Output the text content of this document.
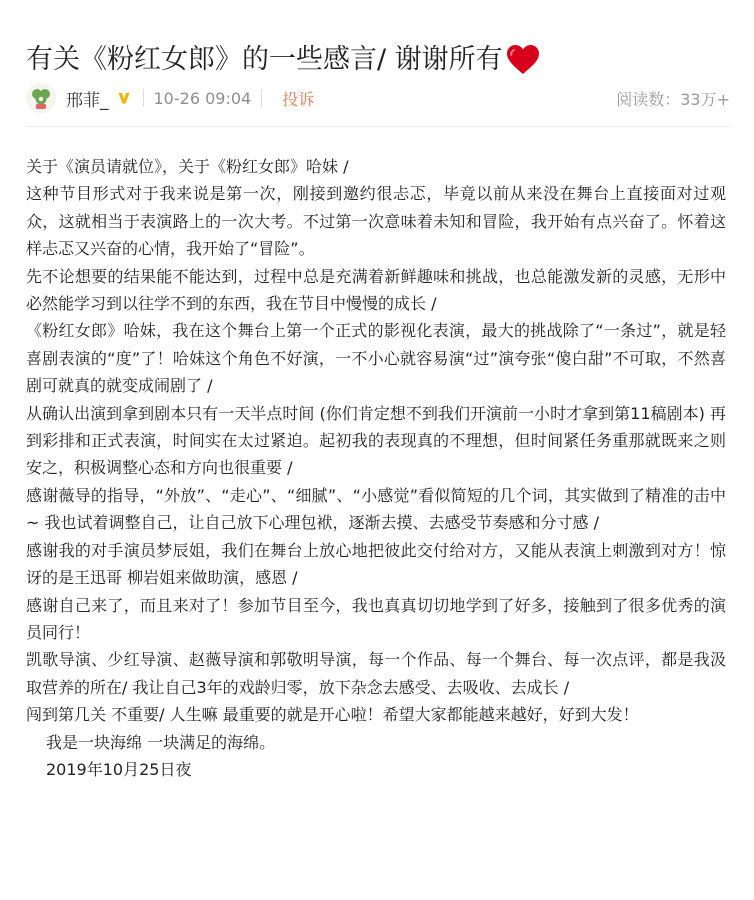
有关《粉红女郎》的一些感言/ 谢谢所有
邢菲_	10-26 09:04 投诉	阅读数：33万+

关于《演员请就位》，关于《粉红女郎》哈妹 /

这种节目形式对于我来说是第一次，刚接到邀约很忐忑，毕竟以前从来没在舞台上直接面对过观众，这就相当于表演路上的一次大考。不过第一次意味着未知和冒险，我开始有点兴奋了。怀着这样忐忑又兴奋的心情，我开始了“冒险”。

先不论想要的结果能不能达到，过程中总是充满着新鲜趣味和挑战，也总能激发新的灵感，无形中必然能学习到以往学不到的东西，我在节目中慢慢的成长 /

《粉红女郎》哈妹，我在这个舞台上第一个正式的影视化表演，最大的挑战除了“一条过”，就是轻喜剧表演的“度”了！哈妹这个角色不好演，一不小心就容易演“过”演夸张“傻白甜”不可取，不然喜剧可就真的就变成闹剧了 /

从确认出演到拿到剧本只有一天半点时间 (你们肯定想不到我们开演前一小时才拿到第11稿剧本) 再到彩排和正式表演，时间实在太过紧迫。起初我的表现真的不理想，但时间紧任务重那就既来之则安之，积极调整心态和方向也很重要 /

感谢薇导的指导，“外放”、“走心”、“细腻”、“小感觉”看似简短的几个词，其实做到了精准的击中~ 我也试着调整自己，让自己放下心理包袱，逐渐去摸、去感受节奏感和分寸感 /

感谢我的对手演员梦辰姐，我们在舞台上放心地把彼此交付给对方，又能从表演上刺激到对方！惊讶的是王迅哥 柳岩姐来做助演，感恩 /

感谢自己来了，而且来对了！参加节目至今，我也真真切切地学到了好多，接触到了很多优秀的演员同行！

凯歌导演、少红导演、赵薇导演和郭敬明导演，每一个作品、每一个舞台、每一次点评，都是我汲取营养的所在/ 我让自己3年的戏龄归零，放下杂念去感受、去吸收、去成长 /

闯到第几关 不重要/ 人生嘛 最重要的就是开心啦！希望大家都能越来越好，好到大发！

我是一块海绵 一块满足的海绵。

2019年10月25日夜
